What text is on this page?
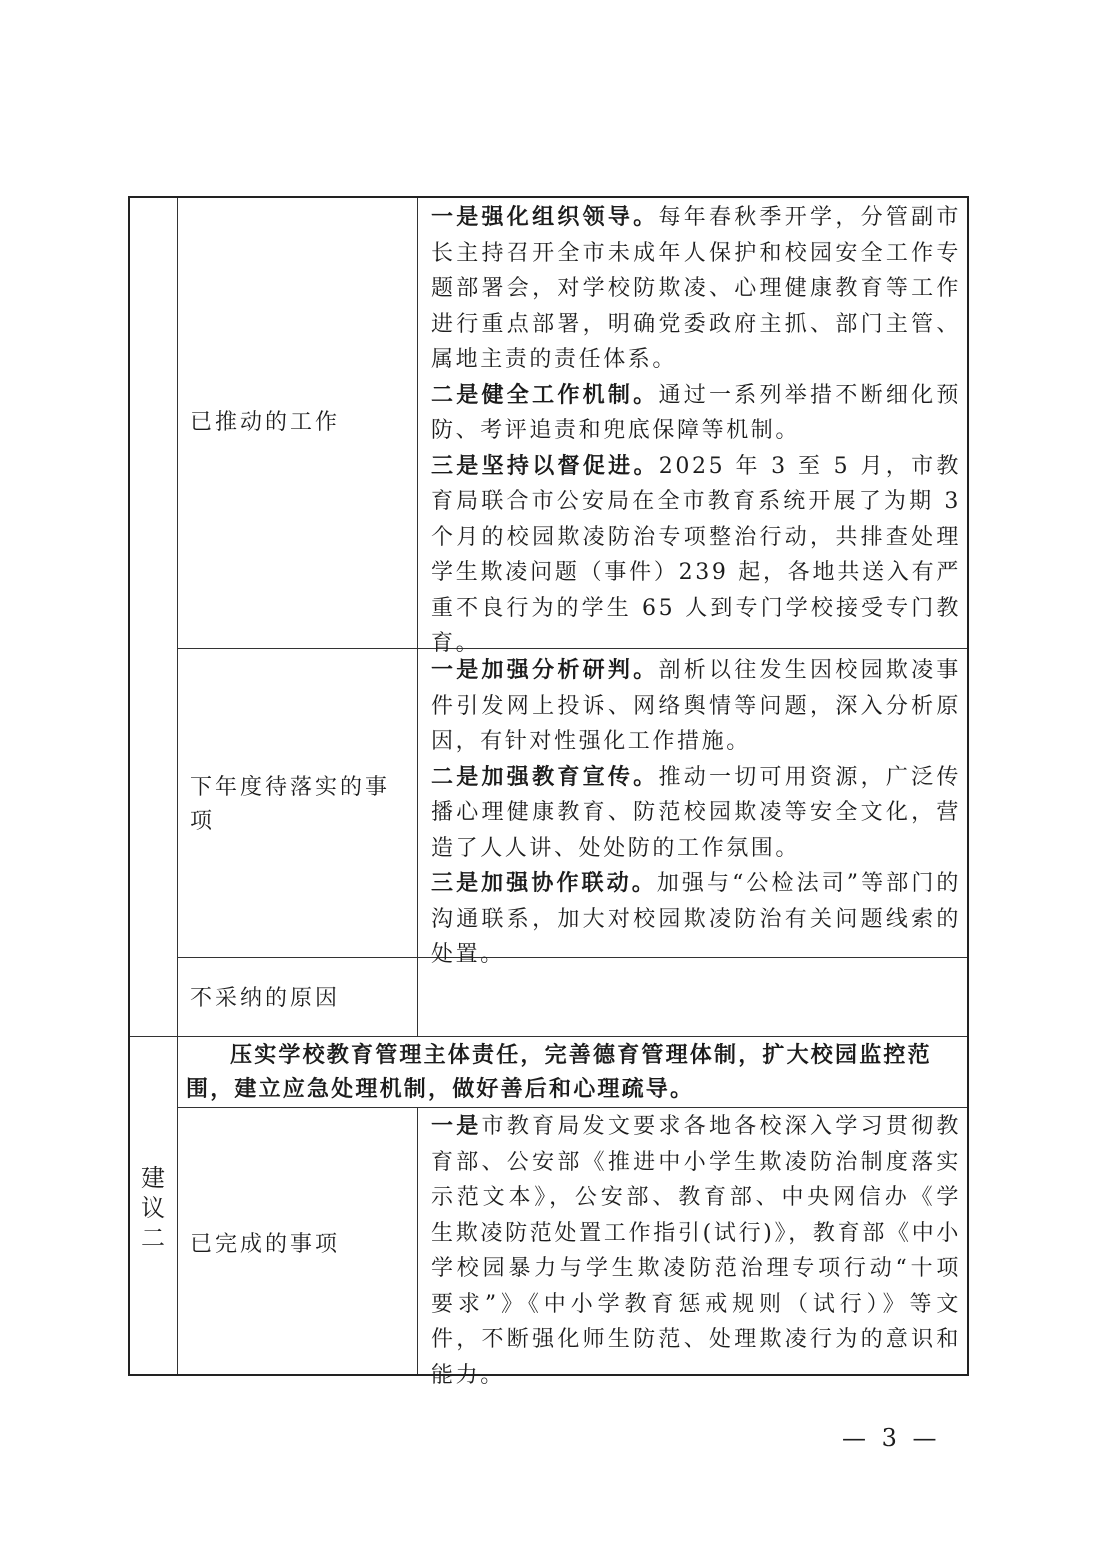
已推动的工作

一是强化组织领导。每年春秋季开学，分管副市长主持召开全市未成年人保护和校园安全工作专题部署会，对学校防欺凌、心理健康教育等工作进行重点部署，明确党委政府主抓、部门主管、属地主责的责任体系。

二是健全工作机制。通过一系列举措不断细化预防、考评追责和兜底保障等机制。

三是坚持以督促进。2025 年 3 至 5 月，市教育局联合市公安局在全市教育系统开展了为期 3 个月的校园欺凌防治专项整治行动，共排查处理学生欺凌问题（事件）239 起，各地共送入有严重不良行为的学生 65 人到专门学校接受专门教育。

下年度待落实的事项

一是加强分析研判。剖析以往发生因校园欺凌事件引发网上投诉、网络舆情等问题，深入分析原因，有针对性强化工作措施。

二是加强教育宣传。推动一切可用资源，广泛传播心理健康教育、防范校园欺凌等安全文化，营造了人人讲、处处防的工作氛围。

三是加强协作联动。加强与“公检法司”等部门的沟通联系，加大对校园欺凌防治有关问题线索的处置。

不采纳的原因
建议二
压实学校教育管理主体责任，完善德育管理体制，扩大校园监控范围，建立应急处理机制，做好善后和心理疏导。
已完成的事项

一是市教育局发文要求各地各校深入学习贯彻教育部、公安部《推进中小学生欺凌防治制度落实示范文本》，公安部、教育部、中央网信办《学生欺凌防范处置工作指引(试行)》，教育部《中小学校园暴力与学生欺凌防范治理专项行动“十项要求”》《中小学教育惩戒规则（试行）》等文件，不断强化师生防范、处理欺凌行为的意识和能力。

— 3 —
